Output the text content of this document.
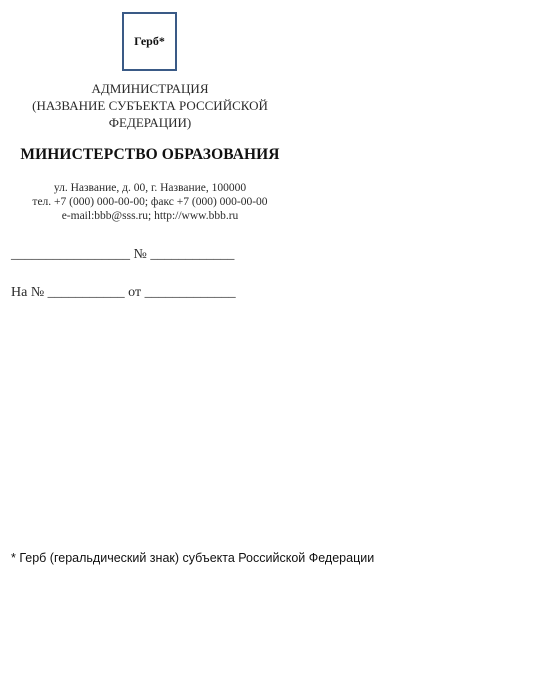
Герб*
АДМИНИСТРАЦИЯ
(НАЗВАНИЕ СУБЪЕКТА РОССИЙСКОЙ
ФЕДЕРАЦИИ)
МИНИСТЕРСТВО ОБРАЗОВАНИЯ
ул. Название, д. 00, г. Название, 100000
тел. +7 (000) 000-00-00; факс +7 (000) 000-00-00
e-mail:bbb@sss.ru; http://www.bbb.ru
_________________ № ____________
На № ___________ от _____________
* Герб (геральдический знак) субъекта Российской Федерации
